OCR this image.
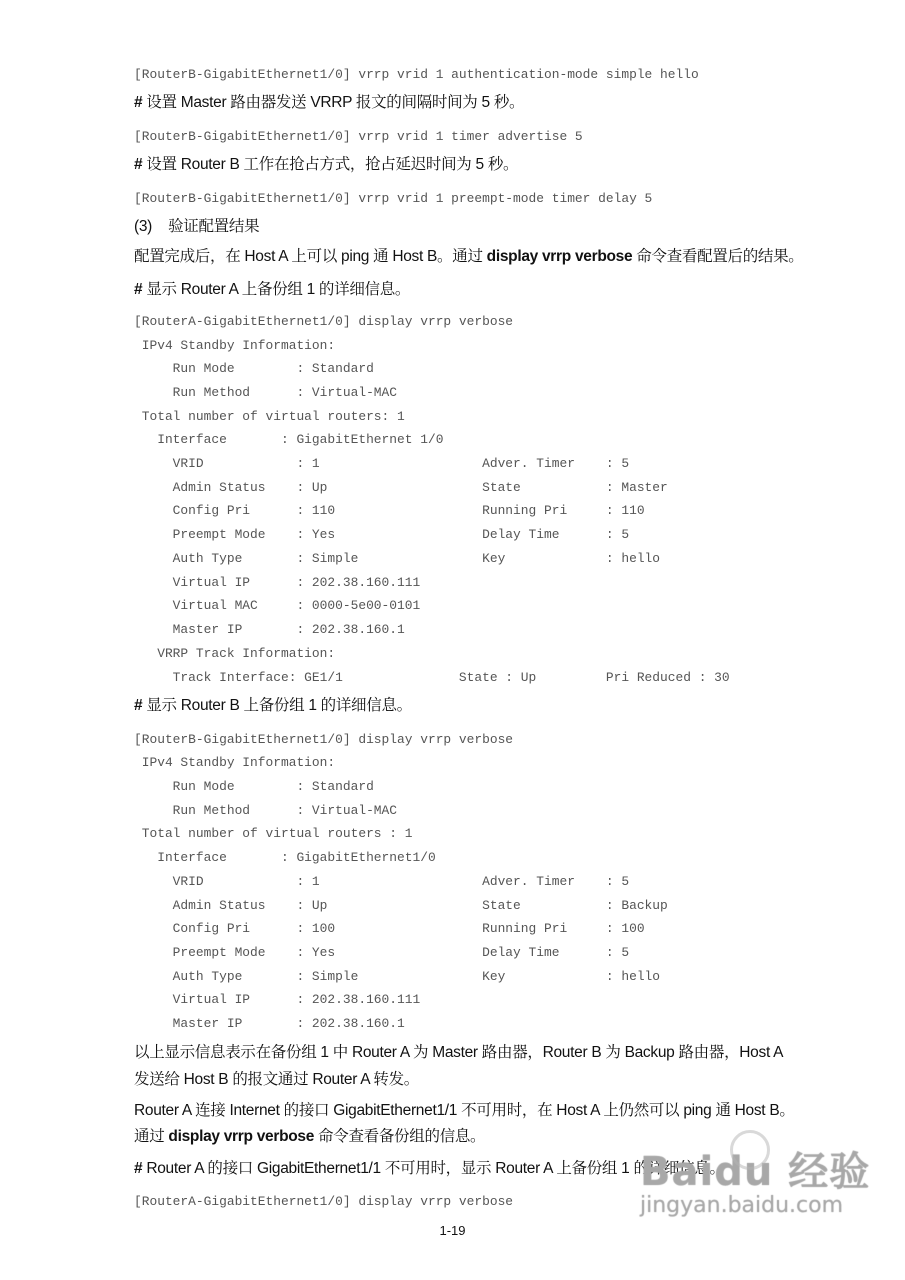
[RouterB-GigabitEthernet1/0] vrrp vrid 1 authentication-mode simple hello
# 设置 Master 路由器发送 VRRP 报文的间隔时间为 5 秒。
[RouterB-GigabitEthernet1/0] vrrp vrid 1 timer advertise 5
# 设置 Router B 工作在抢占方式，抢占延迟时间为 5 秒。
[RouterB-GigabitEthernet1/0] vrrp vrid 1 preempt-mode timer delay 5
(3)    验证配置结果
配置完成后，在 Host A 上可以 ping 通 Host B。通过 display vrrp verbose 命令查看配置后的结果。
# 显示 Router A 上备份组 1 的详细信息。
[RouterA-GigabitEthernet1/0] display vrrp verbose
IPv4 Standby Information:
Run Mode        : Standard
Run Method      : Virtual-MAC
Total number of virtual routers: 1
Interface       : GigabitEthernet 1/0
VRID            : 1                     Adver. Timer    : 5
Admin Status    : Up                    State           : Master
Config Pri      : 110                   Running Pri     : 110
Preempt Mode    : Yes                   Delay Time      : 5
Auth Type       : Simple                Key             : hello
Virtual IP      : 202.38.160.111
Virtual MAC     : 0000-5e00-0101
Master IP       : 202.38.160.1
VRRP Track Information:
Track Interface: GE1/1               State : Up         Pri Reduced : 30
# 显示 Router B 上备份组 1 的详细信息。
[RouterB-GigabitEthernet1/0] display vrrp verbose
IPv4 Standby Information:
Run Mode        : Standard
Run Method      : Virtual-MAC
Total number of virtual routers : 1
Interface       : GigabitEthernet1/0
VRID            : 1                     Adver. Timer    : 5
Admin Status    : Up                    State           : Backup
Config Pri      : 100                   Running Pri     : 100
Preempt Mode    : Yes                   Delay Time      : 5
Auth Type       : Simple                Key             : hello
Virtual IP      : 202.38.160.111
Master IP       : 202.38.160.1
以上显示信息表示在备份组 1 中 Router A 为 Master 路由器，Router B 为 Backup 路由器，Host A
发送给 Host B 的报文通过 Router A 转发。
Router A 连接 Internet 的接口 GigabitEthernet1/1 不可用时，在 Host A 上仍然可以 ping 通 Host B。
通过 display vrrp verbose 命令查看备份组的信息。
# Router A 的接口 GigabitEthernet1/1 不可用时，显示 Router A 上备份组 1 的详细信息。
[RouterA-GigabitEthernet1/0] display vrrp verbose
1-19
Baidu 经验
jingyan.baidu.com
